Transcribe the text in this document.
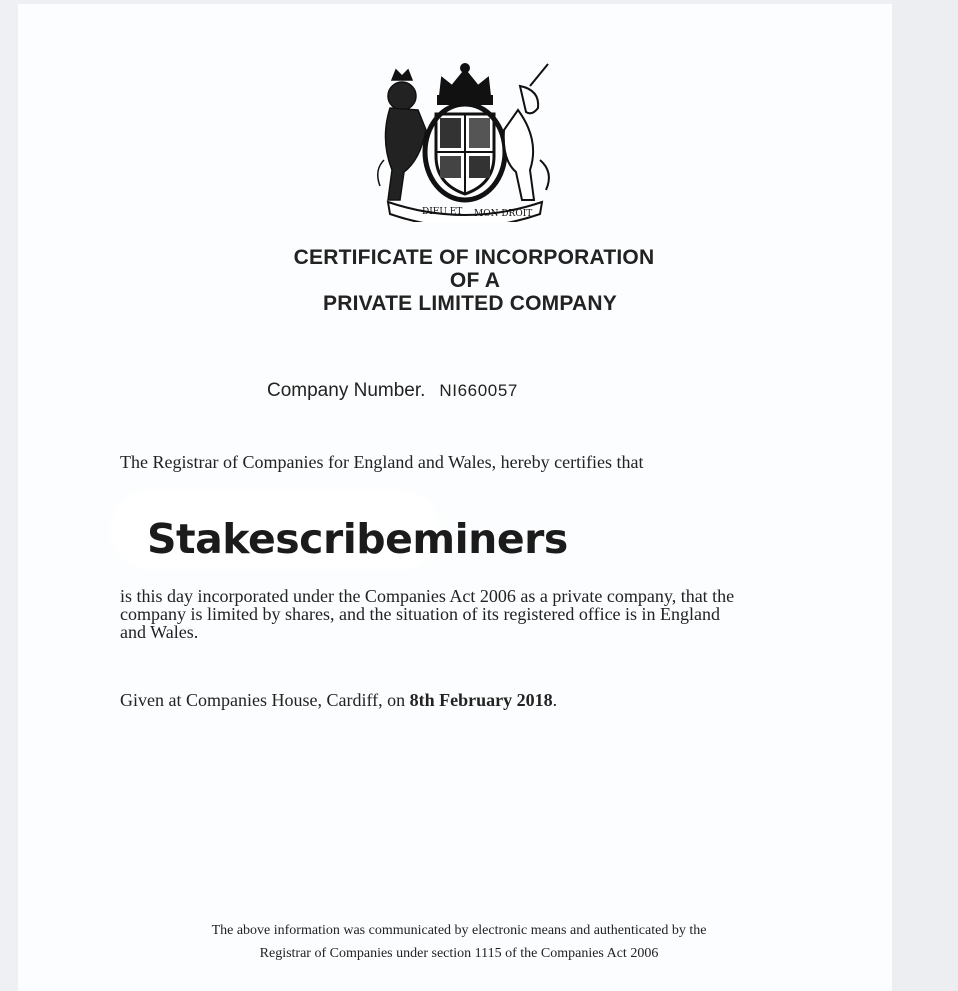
DIEU ET MON DROIT
CERTIFICATE OF INCORPORATION
OF A
PRIVATE LIMITED COMPANY
Company Number. NI660057
The Registrar of Companies for England and Wales, hereby certifies that
Stakescribeminers
is this day incorporated under the Companies Act 2006 as a private company, that the
company is limited by shares, and the situation of its registered office is in England
and Wales.
Given at Companies House, Cardiff, on 8th February 2018.
The above information was communicated by electronic means and authenticated by the
Registrar of Companies under section 1115 of the Companies Act 2006
